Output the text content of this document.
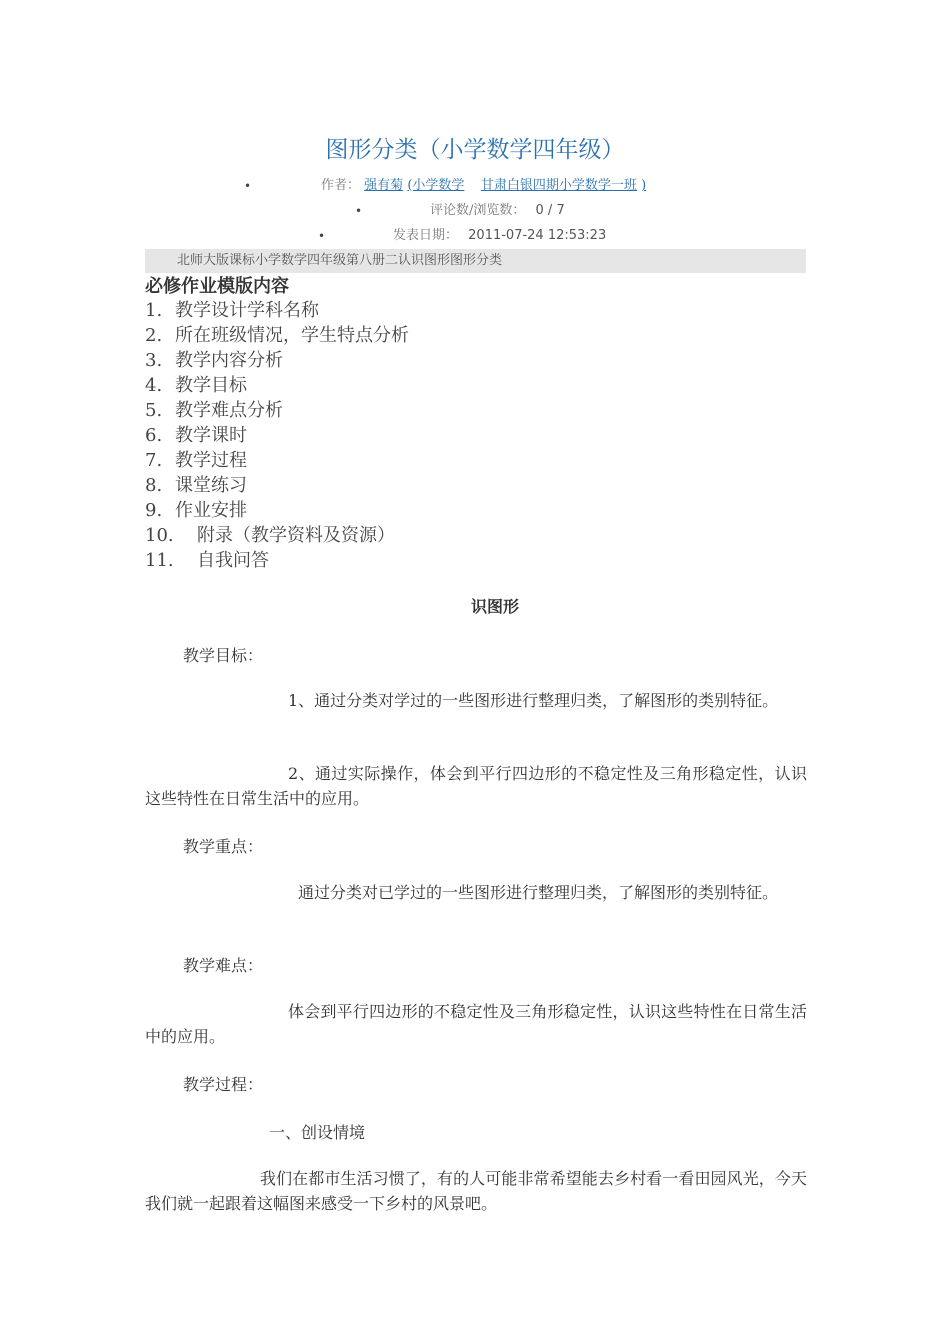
图形分类（小学数学四年级）
•	作者： 强有菊 (小学数学 甘肃白银四期小学数学一班 )
•	评论数/浏览数： 0 / 7
•	发表日期： 2011-07-24 12:53:23
北师大版课标小学数学四年级第八册二认识图形图形分类
必修作业模版内容
1. 教学设计学科名称
2. 所在班级情况，学生特点分析
3. 教学内容分析
4. 教学目标
5. 教学难点分析
6. 教学课时
7. 教学过程
8. 课堂练习
9. 作业安排
10. 附录（教学资料及资源）
11. 自我问答
识图形
教学目标：
1、通过分类对学过的一些图形进行整理归类，了解图形的类别特征。
2、通过实际操作，体会到平行四边形的不稳定性及三角形稳定性，认识这些特性在日常生活中的应用。
教学重点：
通过分类对已学过的一些图形进行整理归类，了解图形的类别特征。
教学难点：
体会到平行四边形的不稳定性及三角形稳定性，认识这些特性在日常生活中的应用。
教学过程：
一、创设情境
我们在都市生活习惯了，有的人可能非常希望能去乡村看一看田园风光，今天我们就一起跟着这幅图来感受一下乡村的风景吧。
